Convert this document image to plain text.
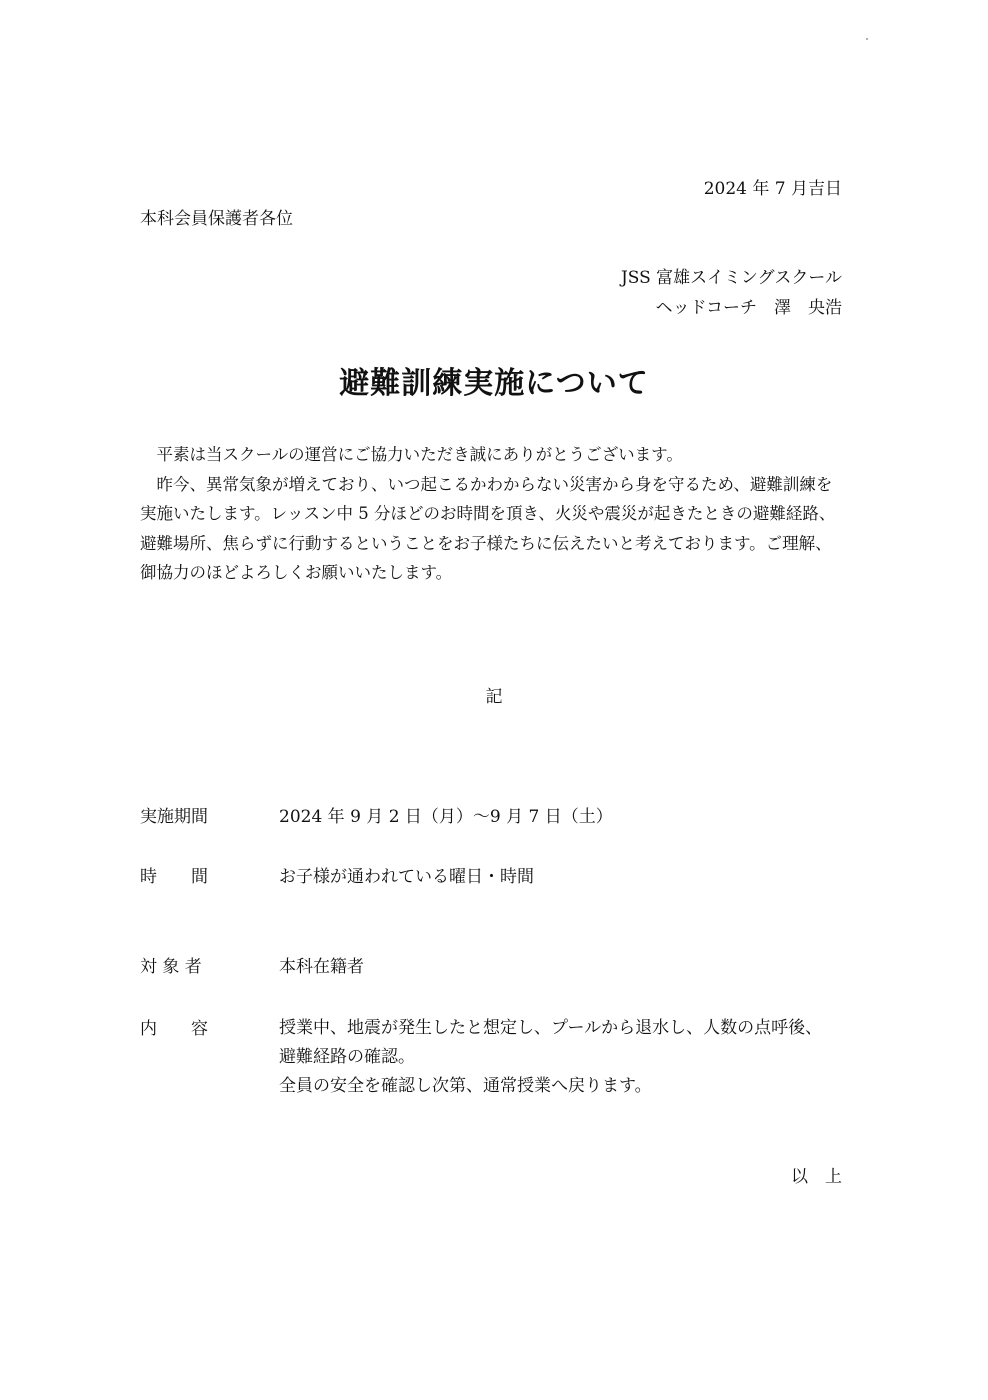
2024 年 7 月吉日
本科会員保護者各位
JSS 富雄スイミングスクール
ヘッドコーチ　澤　央浩
避難訓練実施について

平素は当スクールの運営にご協力いただき誠にありがとうございます。

昨今、異常気象が増えており、いつ起こるかわからない災害から身を守るため、避難訓練を実施いたします。レッスン中 5 分ほどのお時間を頂き、火災や震災が起きたときの避難経路、避難場所、焦らずに行動するということをお子様たちに伝えたいと考えております。ご理解、御協力のほどよろしくお願いいたします。

記
実施期間	2024 年 9 月 2 日（月）～9 月 7 日（土）
時　　間	お子様が通われている曜日・時間
対 象 者	本科在籍者
内　　容	授業中、地震が発生したと想定し、プールから退水し、人数の点呼後、
避難経路の確認。
全員の安全を確認し次第、通常授業へ戻ります。
以　上
